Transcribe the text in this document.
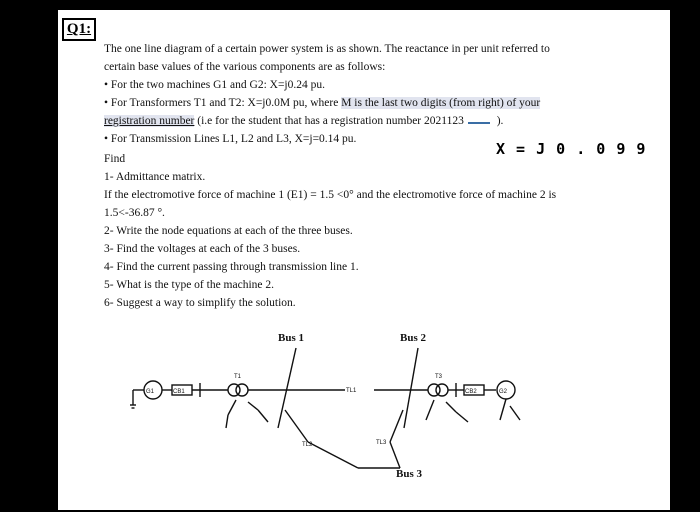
Q1:
The one line diagram of a certain power system is as shown. The reactance in per unit referred to
certain base values of the various components are as follows:
• For the two machines G1 and G2: X=j0.24 pu.
• For Transformers T1 and T2: X=j0.0M pu, where M is the last two digits (from right) of your
registration number (i.e for the student that has a registration number 2021123	).
• For Transmission Lines L1, L2 and L3, X=j=0.14 pu.
X = J 0 . 0 9 9
Find
1- Admittance matrix.
If the electromotive force of machine 1 (E1) = 1.5 <0° and the electromotive force of machine 2 is
1.5<-36.87 °.
2- Write the node equations at each of the three buses.
3- Find the voltages at each of the 3 buses.
4- Find the current passing through transmission line 1.
5- What is the type of the machine 2.
6- Suggest a way to simplify the solution.
Bus 1	Bus 2
Bus 3
G1	CB1
T1
TL1
TL2	TL3
T3
CB2	G2
